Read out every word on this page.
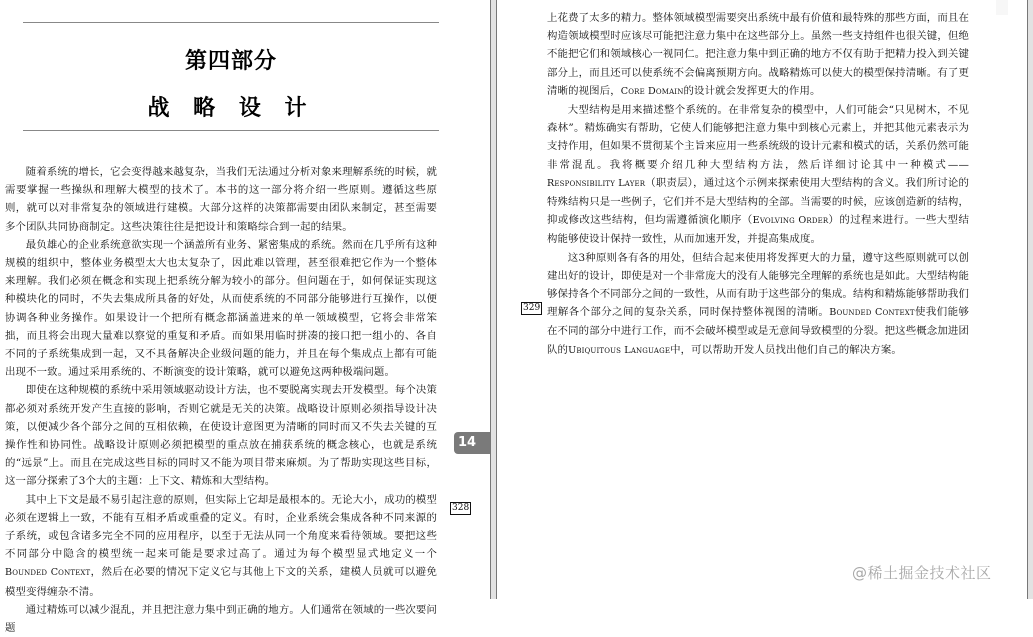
第四部分
战 略 设 计

随着系统的增长，它会变得越来越复杂，当我们无法通过分析对象来理解系统的时候，就需要掌握一些操纵和理解大模型的技术了。本书的这一部分将介绍一些原则。遵循这些原则，就可以对非常复杂的领域进行建模。大部分这样的决策都需要由团队来制定，甚至需要多个团队共同协商制定。这些决策往往是把设计和策略综合到一起的结果。

最负雄心的企业系统意欲实现一个涵盖所有业务、紧密集成的系统。然而在几乎所有这种规模的组织中，整体业务模型太大也太复杂了，因此难以管理，甚至很难把它作为一个整体来理解。我们必须在概念和实现上把系统分解为较小的部分。但问题在于，如何保证实现这种模块化的同时，不失去集成所具备的好处，从而使系统的不同部分能够进行互操作，以便协调各种业务操作。如果设计一个把所有概念都涵盖进来的单一领域模型，它将会非常笨拙，而且将会出现大量难以察觉的重复和矛盾。而如果用临时拼凑的接口把一组小的、各自不同的子系统集成到一起，又不具备解决企业级问题的能力，并且在每个集成点上都有可能出现不一致。通过采用系统的、不断演变的设计策略，就可以避免这两种极端问题。

即使在这种规模的系统中采用领域驱动设计方法，也不要脱离实现去开发模型。每个决策都必须对系统开发产生直接的影响，否则它就是无关的决策。战略设计原则必须指导设计决策，以便减少各个部分之间的互相依赖，在使设计意图更为清晰的同时而又不失去关键的互操作性和协同性。战略设计原则必须把模型的重点放在捕获系统的概念核心，也就是系统的“远景”上。而且在完成这些目标的同时又不能为项目带来麻烦。为了帮助实现这些目标，这一部分探索了3个大的主题：上下文、精炼和大型结构。

其中上下文是最不易引起注意的原则，但实际上它却是最根本的。无论大小，成功的模型必须在逻辑上一致，不能有互相矛盾或重叠的定义。有时，企业系统会集成各种不同来源的子系统，或包含诸多完全不同的应用程序，以至于无法从同一个角度来看待领域。要把这些不同部分中隐含的模型统一起来可能是要求过高了。通过为每个模型显式地定义一个Bounded Context，然后在必要的情况下定义它与其他上下文的关系，建模人员就可以避免模型变得缠杂不清。

通过精炼可以减少混乱，并且把注意力集中到正确的地方。人们通常在领域的一些次要问题

328
14

上花费了太多的精力。整体领域模型需要突出系统中最有价值和最特殊的那些方面，而且在构造领域模型时应该尽可能把注意力集中在这些部分上。虽然一些支持组件也很关键，但绝不能把它们和领域核心一视同仁。把注意力集中到正确的地方不仅有助于把精力投入到关键部分上，而且还可以使系统不会偏离预期方向。战略精炼可以使大的模型保持清晰。有了更清晰的视图后，Core Domain的设计就会发挥更大的作用。

大型结构是用来描述整个系统的。在非常复杂的模型中，人们可能会“只见树木，不见森林”。精炼确实有帮助，它使人们能够把注意力集中到核心元素上，并把其他元素表示为支持作用，但如果不贯彻某个主旨来应用一些系统级的设计元素和模式的话，关系仍然可能非常混乱。我将概要介绍几种大型结构方法，然后详细讨论其中一种模式——Responsibility Layer（职责层），通过这个示例来探索使用大型结构的含义。我们所讨论的特殊结构只是一些例子，它们并不是大型结构的全部。当需要的时候，应该创造新的结构，抑或修改这些结构，但均需遵循演化顺序（Evolving Order）的过程来进行。一些大型结构能够使设计保持一致性，从而加速开发，并提高集成度。

这3种原则各有各的用处，但结合起来使用将发挥更大的力量，遵守这些原则就可以创建出好的设计，即使是对一个非常庞大的没有人能够完全理解的系统也是如此。大型结构能够保持各个不同部分之间的一致性，从而有助于这些部分的集成。结构和精炼能够帮助我们理解各个部分之间的复杂关系，同时保持整体视图的清晰。Bounded Context使我们能够在不同的部分中进行工作，而不会破坏模型或是无意间导致模型的分裂。把这些概念加进团队的Ubiquitous Language中，可以帮助开发人员找出他们自己的解决方案。

329
@稀土掘金技术社区
